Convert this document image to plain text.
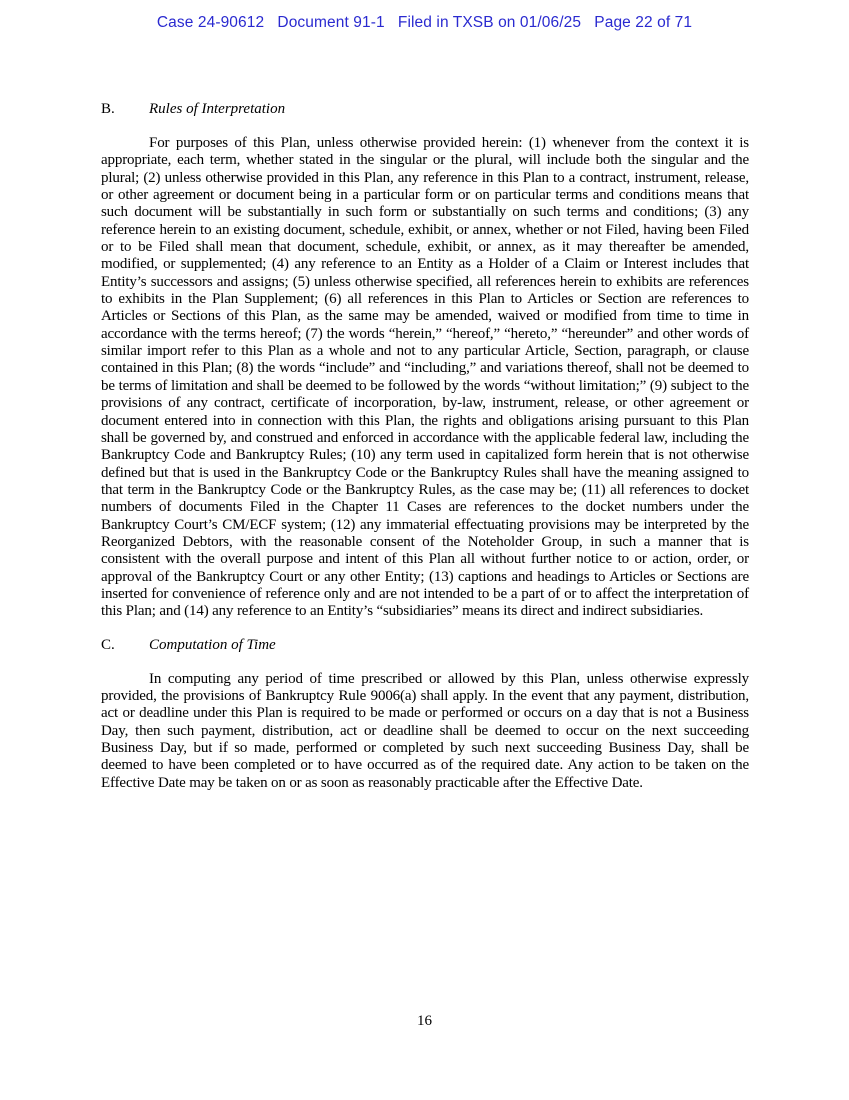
Case 24-90612   Document 91-1   Filed in TXSB on 01/06/25   Page 22 of 71
B.	Rules of Interpretation

For purposes of this Plan, unless otherwise provided herein: (1) whenever from the context it is appropriate, each term, whether stated in the singular or the plural, will include both the singular and the plural; (2) unless otherwise provided in this Plan, any reference in this Plan to a contract, instrument, release, or other agreement or document being in a particular form or on particular terms and conditions means that such document will be substantially in such form or substantially on such terms and conditions; (3) any reference herein to an existing document, schedule, exhibit, or annex, whether or not Filed, having been Filed or to be Filed shall mean that document, schedule, exhibit, or annex, as it may thereafter be amended, modified, or supplemented; (4) any reference to an Entity as a Holder of a Claim or Interest includes that Entity’s successors and assigns; (5) unless otherwise specified, all references herein to exhibits are references to exhibits in the Plan Supplement; (6) all references in this Plan to Articles or Section are references to Articles or Sections of this Plan, as the same may be amended, waived or modified from time to time in accordance with the terms hereof; (7) the words “herein,” “hereof,” “hereto,” “hereunder” and other words of similar import refer to this Plan as a whole and not to any particular Article, Section, paragraph, or clause contained in this Plan; (8) the words “include” and “including,” and variations thereof, shall not be deemed to be terms of limitation and shall be deemed to be followed by the words “without limitation;” (9) subject to the provisions of any contract, certificate of incorporation, by-law, instrument, release, or other agreement or document entered into in connection with this Plan, the rights and obligations arising pursuant to this Plan shall be governed by, and construed and enforced in accordance with the applicable federal law, including the Bankruptcy Code and Bankruptcy Rules; (10) any term used in capitalized form herein that is not otherwise defined but that is used in the Bankruptcy Code or the Bankruptcy Rules shall have the meaning assigned to that term in the Bankruptcy Code or the Bankruptcy Rules, as the case may be; (11) all references to docket numbers of documents Filed in the Chapter 11 Cases are references to the docket numbers under the Bankruptcy Court’s CM/ECF system; (12) any immaterial effectuating provisions may be interpreted by the Reorganized Debtors, with the reasonable consent of the Noteholder Group, in such a manner that is consistent with the overall purpose and intent of this Plan all without further notice to or action, order, or approval of the Bankruptcy Court or any other Entity; (13) captions and headings to Articles or Sections are inserted for convenience of reference only and are not intended to be a part of or to affect the interpretation of this Plan; and (14) any reference to an Entity’s “subsidiaries” means its direct and indirect subsidiaries.

C.	Computation of Time

In computing any period of time prescribed or allowed by this Plan, unless otherwise expressly provided, the provisions of Bankruptcy Rule 9006(a) shall apply. In the event that any payment, distribution, act or deadline under this Plan is required to be made or performed or occurs on a day that is not a Business Day, then such payment, distribution, act or deadline shall be deemed to occur on the next succeeding Business Day, but if so made, performed or completed by such next succeeding Business Day, shall be deemed to have been completed or to have occurred as of the required date. Any action to be taken on the Effective Date may be taken on or as soon as reasonably practicable after the Effective Date.

16
